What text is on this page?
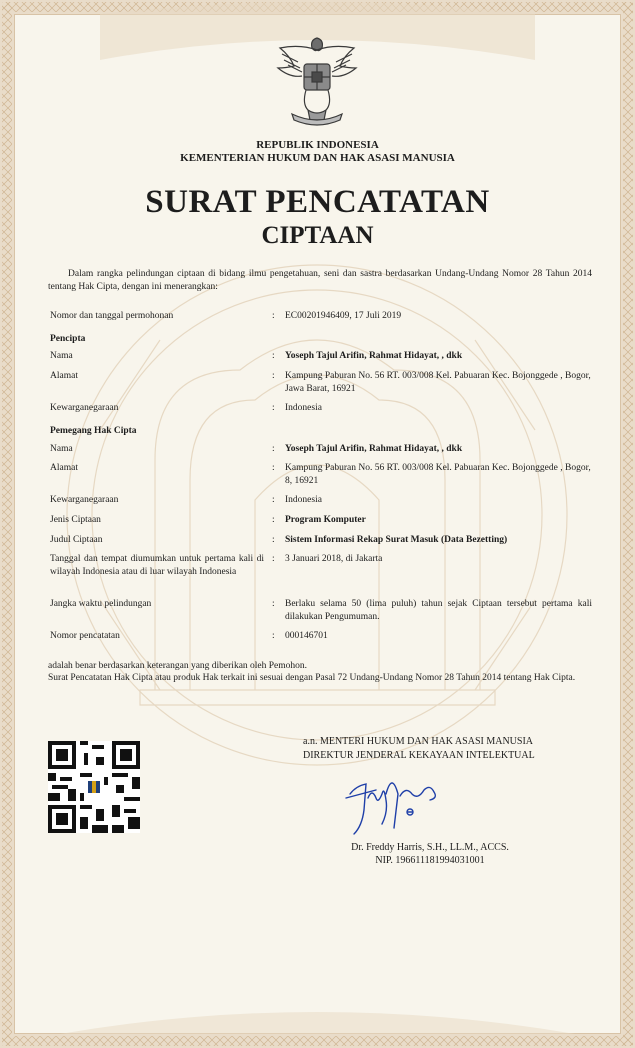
REPUBLIK INDONESIA
KEMENTERIAN HUKUM DAN HAK ASASI MANUSIA
SURAT PENCATATAN
CIPTAAN
Dalam rangka pelindungan ciptaan di bidang ilmu pengetahuan, seni dan sastra berdasarkan Undang-Undang Nomor 28 Tahun 2014 tentang Hak Cipta, dengan ini menerangkan:
Nomor dan tanggal permohonan	: EC00201946409, 17 Juli 2019
Pencipta
Nama	: Yoseph Tajul Arifin, Rahmat Hidayat, , dkk
Alamat	: Kampung Paburan No. 56 RT. 003/008 Kel. Pabuaran Kec. Bojonggede , Bogor, Jawa Barat, 16921
Kewarganegaraan	: Indonesia
Pemegang Hak Cipta
Nama	: Yoseph Tajul Arifin, Rahmat Hidayat, , dkk
Alamat	: Kampung Paburan No. 56 RT. 003/008 Kel. Pabuaran Kec. Bojonggede , Bogor, 8, 16921
Kewarganegaraan	: Indonesia
Jenis Ciptaan	: Program Komputer
Judul Ciptaan	: Sistem Informasi Rekap Surat Masuk (Data Bezetting)
Tanggal dan tempat diumumkan untuk pertama kali di wilayah Indonesia atau di luar wilayah Indonesia
: 3 Januari 2018, di Jakarta
Jangka waktu pelindungan	: Berlaku selama 50 (lima puluh) tahun sejak Ciptaan tersebut pertama kali dilakukan Pengumuman.
Nomor pencatatan	: 000146701
adalah benar berdasarkan keterangan yang diberikan oleh Pemohon.
Surat Pencatatan Hak Cipta atau produk Hak terkait ini sesuai dengan Pasal 72 Undang-Undang Nomor 28 Tahun 2014 tentang Hak Cipta.
a.n. MENTERI HUKUM DAN HAK ASASI MANUSIA
DIREKTUR JENDERAL KEKAYAAN INTELEKTUAL
Dr. Freddy Harris, S.H., LL.M., ACCS.
NIP. 196611181994031001
